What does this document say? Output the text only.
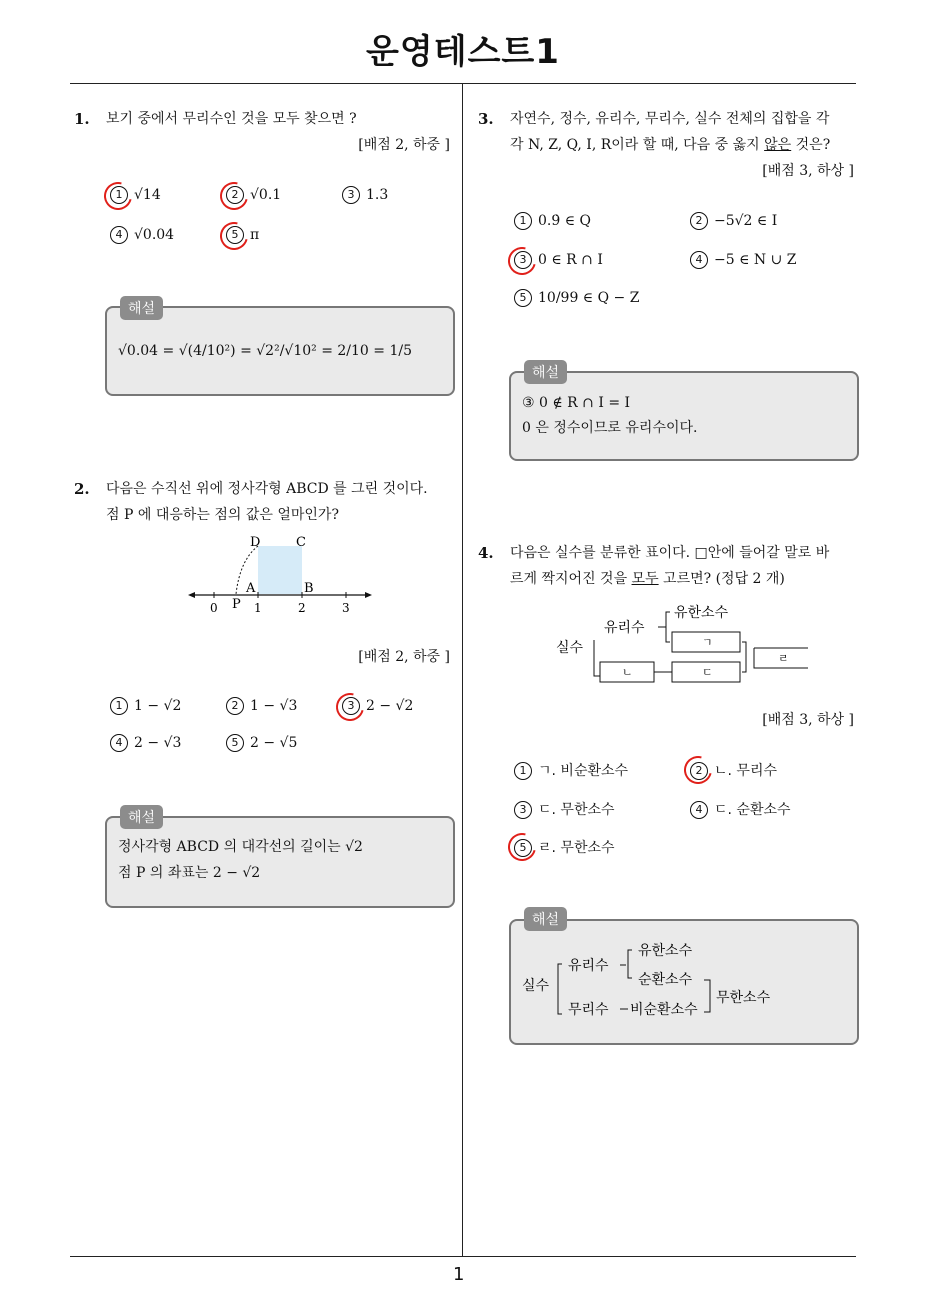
운영테스트1
1
1. 보기 중에서 무리수인 것을 모두 찾으면 ?
[배점 2, 하중 ]
1 √14	2 √0.1	3 1.3
4 √0.04	5 π
해설
√0.04 = √(4/10²) = √2²/√10² = 2/10 = 1/5
2. 다음은 수직선 위에 정사각형 ABCD 를 그린 것이다.
점 P 에 대응하는 점의 값은 얼마인가?
D	C
A	B
P
0	1	2	3
[배점 2, 하중 ]
1 1 − √2	2 1 − √3	3 2 − √2
4 2 − √3	5 2 − √5
해설
정사각형 ABCD 의 대각선의 길이는 √2
점 P 의 좌표는 2 − √2
3. 자연수, 정수, 유리수, 무리수, 실수 전체의 집합을 각
각 N, Z, Q, I, R이라 할 때, 다음 중 옳지 않은 것은?
[배점 3, 하상 ]
1 0.9̇ ∈ Q	2 −5√2 ∈ I
3 0 ∈ R ∩ I	4 −5 ∈ N ∪ Z
5 10/99 ∈ Q − Z
해설
③ 0 ∉ R ∩ I = I
0 은 정수이므로 유리수이다.
4. 다음은 실수를 분류한 표이다. □안에 들어갈 말로 바
르게 짝지어진 것을 모두 고르면? (정답 2 개)
실수
유리수
유한소수
ㄱ
ㄴ	ㄷ
ㄹ
[배점 3, 하상 ]
1 ㄱ. 비순환소수	2 ㄴ. 무리수
3 ㄷ. 무한소수	4 ㄷ. 순환소수
5 ㄹ. 무한소수
해설
실수
유리수
유한소수
순환소수
무리수 비순환소수
무한소수
